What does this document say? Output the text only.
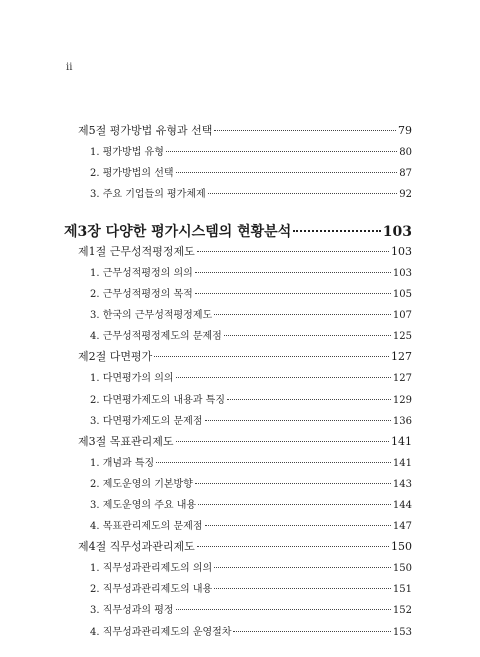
ii
제5절 평가방법 유형과 선택	79
1. 평가방법 유형	80
2. 평가방법의 선택	87
3. 주요 기업들의 평가체제	92
제3장 다양한 평가시스템의 현황분석	103
제1절 근무성적평정제도	103
1. 근무성적평정의 의의	103
2. 근무성적평정의 목적	105
3. 한국의 근무성적평정제도	107
4. 근무성적평정제도의 문제점	125
제2절 다면평가	127
1. 다면평가의 의의	127
2. 다면평가제도의 내용과 특징	129
3. 다면평가제도의 문제점	136
제3절 목표관리제도	141
1. 개념과 특징	141
2. 제도운영의 기본방향	143
3. 제도운영의 주요 내용	144
4. 목표관리제도의 문제점	147
제4절 직무성과관리제도	150
1. 직무성과관리제도의 의의	150
2. 직무성과관리제도의 내용	151
3. 직무성과의 평정	152
4. 직무성과관리제도의 운영절차	153
